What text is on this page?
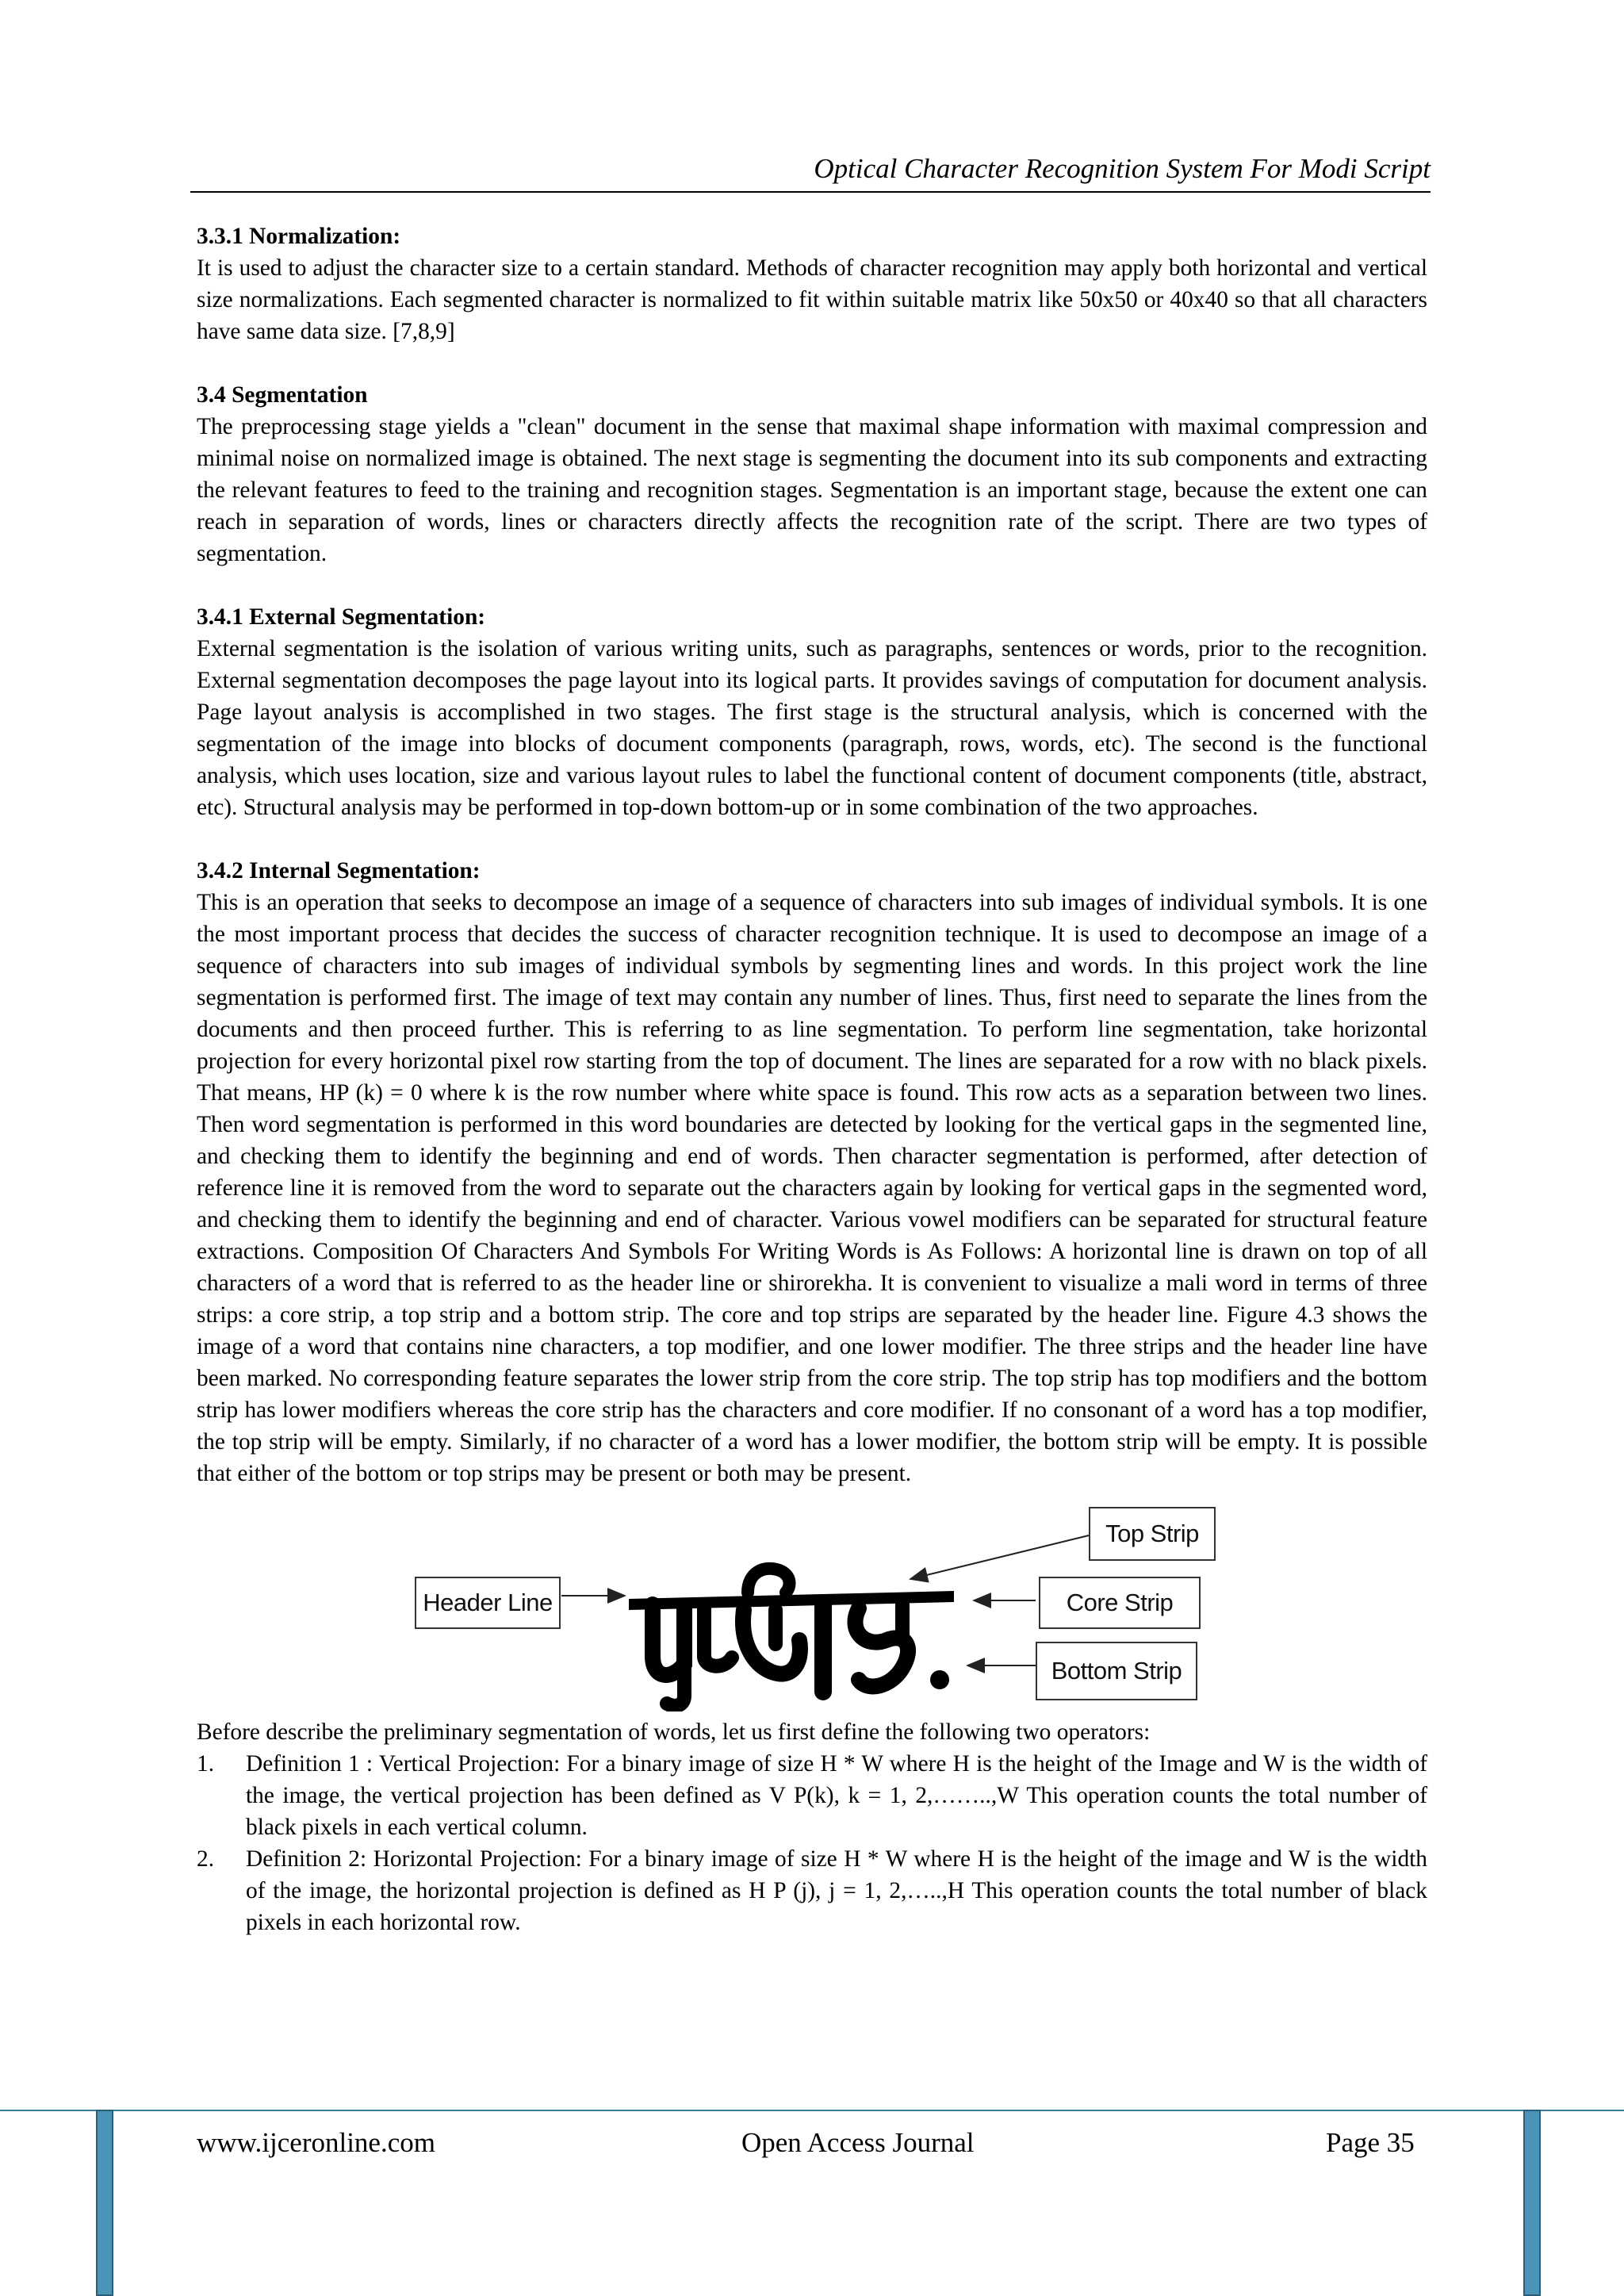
Optical Character Recognition System For Modi Script
3.3.1 Normalization:

It is used to adjust the character size to a certain standard. Methods of character recognition may apply both horizontal and vertical size normalizations. Each segmented character is normalized to fit within suitable matrix like 50x50 or 40x40 so that all characters have same data size. [7,8,9]

3.4 Segmentation

The preprocessing stage yields a "clean" document in the sense that maximal shape information with maximal compression and minimal noise on normalized image is obtained. The next stage is segmenting the document into its sub components and extracting the relevant features to feed to the training and recognition stages. Segmentation is an important stage, because the extent one can reach in separation of words, lines or characters directly affects the recognition rate of the script. There are two types of segmentation.

3.4.1 External Segmentation:

External segmentation is the isolation of various writing units, such as paragraphs, sentences or words, prior to the recognition. External segmentation decomposes the page layout into its logical parts. It provides savings of computation for document analysis. Page layout analysis is accomplished in two stages. The first stage is the structural analysis, which is concerned with the segmentation of the image into blocks of document components (paragraph, rows, words, etc). The second is the functional analysis, which uses location, size and various layout rules to label the functional content of document components (title, abstract, etc). Structural analysis may be performed in top-down bottom-up or in some combination of the two approaches.

3.4.2 Internal Segmentation:

This is an operation that seeks to decompose an image of a sequence of characters into sub images of individual symbols. It is one the most important process that decides the success of character recognition technique. It is used to decompose an image of a sequence of characters into sub images of individual symbols by segmenting lines and words. In this project work the line segmentation is performed first. The image of text may contain any number of lines. Thus, first need to separate the lines from the documents and then proceed further. This is referring to as line segmentation. To perform line segmentation, take horizontal projection for every horizontal pixel row starting from the top of document. The lines are separated for a row with no black pixels. That means, HP (k) = 0 where k is the row number where white space is found. This row acts as a separation between two lines. Then word segmentation is performed in this word boundaries are detected by looking for the vertical gaps in the segmented line, and checking them to identify the beginning and end of words. Then character segmentation is performed, after detection of reference line it is removed from the word to separate out the characters again by looking for vertical gaps in the segmented word, and checking them to identify the beginning and end of character. Various vowel modifiers can be separated for structural feature extractions. Composition Of Characters And Symbols For Writing Words is As Follows: A horizontal line is drawn on top of all characters of a word that is referred to as the header line or shirorekha. It is convenient to visualize a mali word in terms of three strips: a core strip, a top strip and a bottom strip. The core and top strips are separated by the header line. Figure 4.3 shows the image of a word that contains nine characters, a top modifier, and one lower modifier. The three strips and the header line have been marked. No corresponding feature separates the lower strip from the core strip. The top strip has top modifiers and the bottom strip has lower modifiers whereas the core strip has the characters and core modifier. If no consonant of a word has a top modifier, the top strip will be empty. Similarly, if no character of a word has a lower modifier, the bottom strip will be empty. It is possible that either of the bottom or top strips may be present or both may be present.

Header Line
Top Strip
Core Strip
Bottom Strip

Before describe the preliminary segmentation of words, let us first define the following two operators:

1. Definition 1 : Vertical Projection: For a binary image of size H * W where H is the height of the Image and W is the width of the image, the vertical projection has been defined as V P(k), k = 1, 2,……..,W This operation counts the total number of black pixels in each vertical column.
2. Definition 2: Horizontal Projection: For a binary image of size H * W where H is the height of the image and W is the width of the image, the horizontal projection is defined as H P (j), j = 1, 2,…..,H This operation counts the total number of black pixels in each horizontal row.
www.ijceronline.com	Open Access Journal	Page 35
